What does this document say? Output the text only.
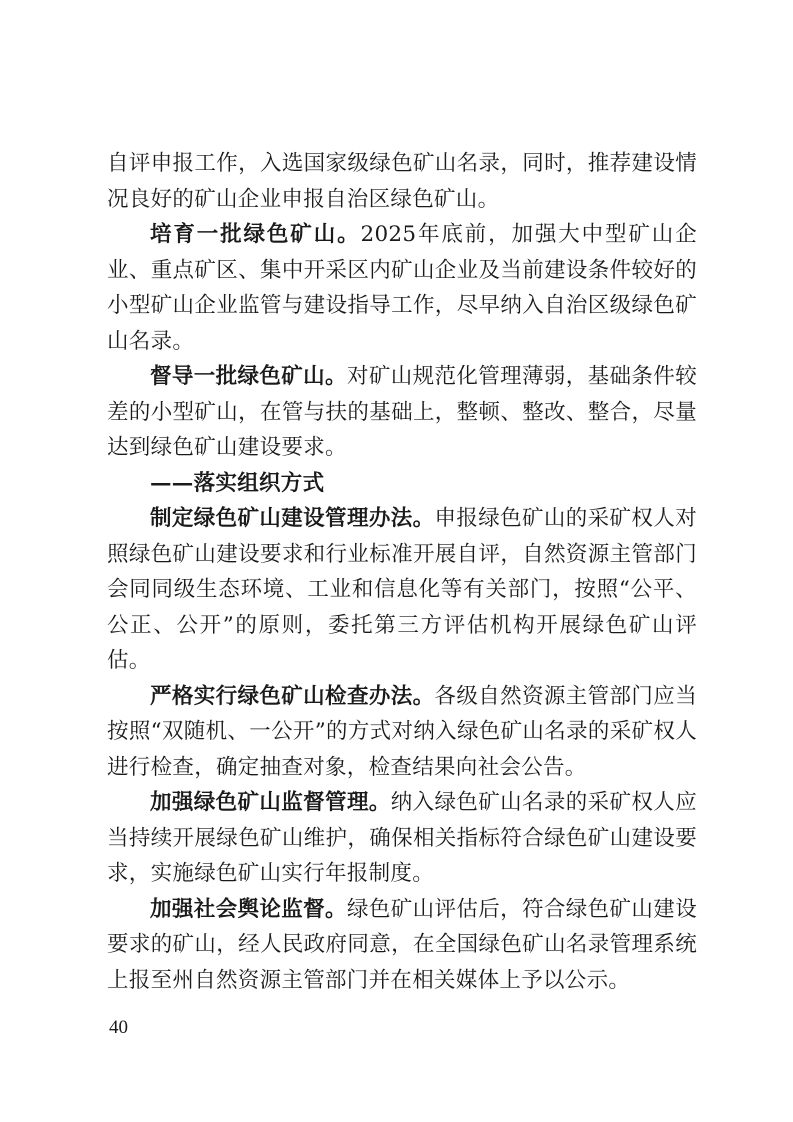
自评申报工作，入选国家级绿色矿山名录，同时，推荐建设情况良好的矿山企业申报自治区绿色矿山。

培育一批绿色矿山。2025年底前，加强大中型矿山企业、重点矿区、集中开采区内矿山企业及当前建设条件较好的小型矿山企业监管与建设指导工作，尽早纳入自治区级绿色矿山名录。

督导一批绿色矿山。对矿山规范化管理薄弱，基础条件较差的小型矿山，在管与扶的基础上，整顿、整改、整合，尽量达到绿色矿山建设要求。

——落实组织方式

制定绿色矿山建设管理办法。申报绿色矿山的采矿权人对照绿色矿山建设要求和行业标准开展自评，自然资源主管部门会同同级生态环境、工业和信息化等有关部门，按照“公平、公正、公开”的原则，委托第三方评估机构开展绿色矿山评估。

严格实行绿色矿山检查办法。各级自然资源主管部门应当按照“双随机、一公开”的方式对纳入绿色矿山名录的采矿权人进行检查，确定抽查对象，检查结果向社会公告。

加强绿色矿山监督管理。纳入绿色矿山名录的采矿权人应当持续开展绿色矿山维护，确保相关指标符合绿色矿山建设要求，实施绿色矿山实行年报制度。

加强社会舆论监督。绿色矿山评估后，符合绿色矿山建设要求的矿山，经人民政府同意，在全国绿色矿山名录管理系统上报至州自然资源主管部门并在相关媒体上予以公示。

40
